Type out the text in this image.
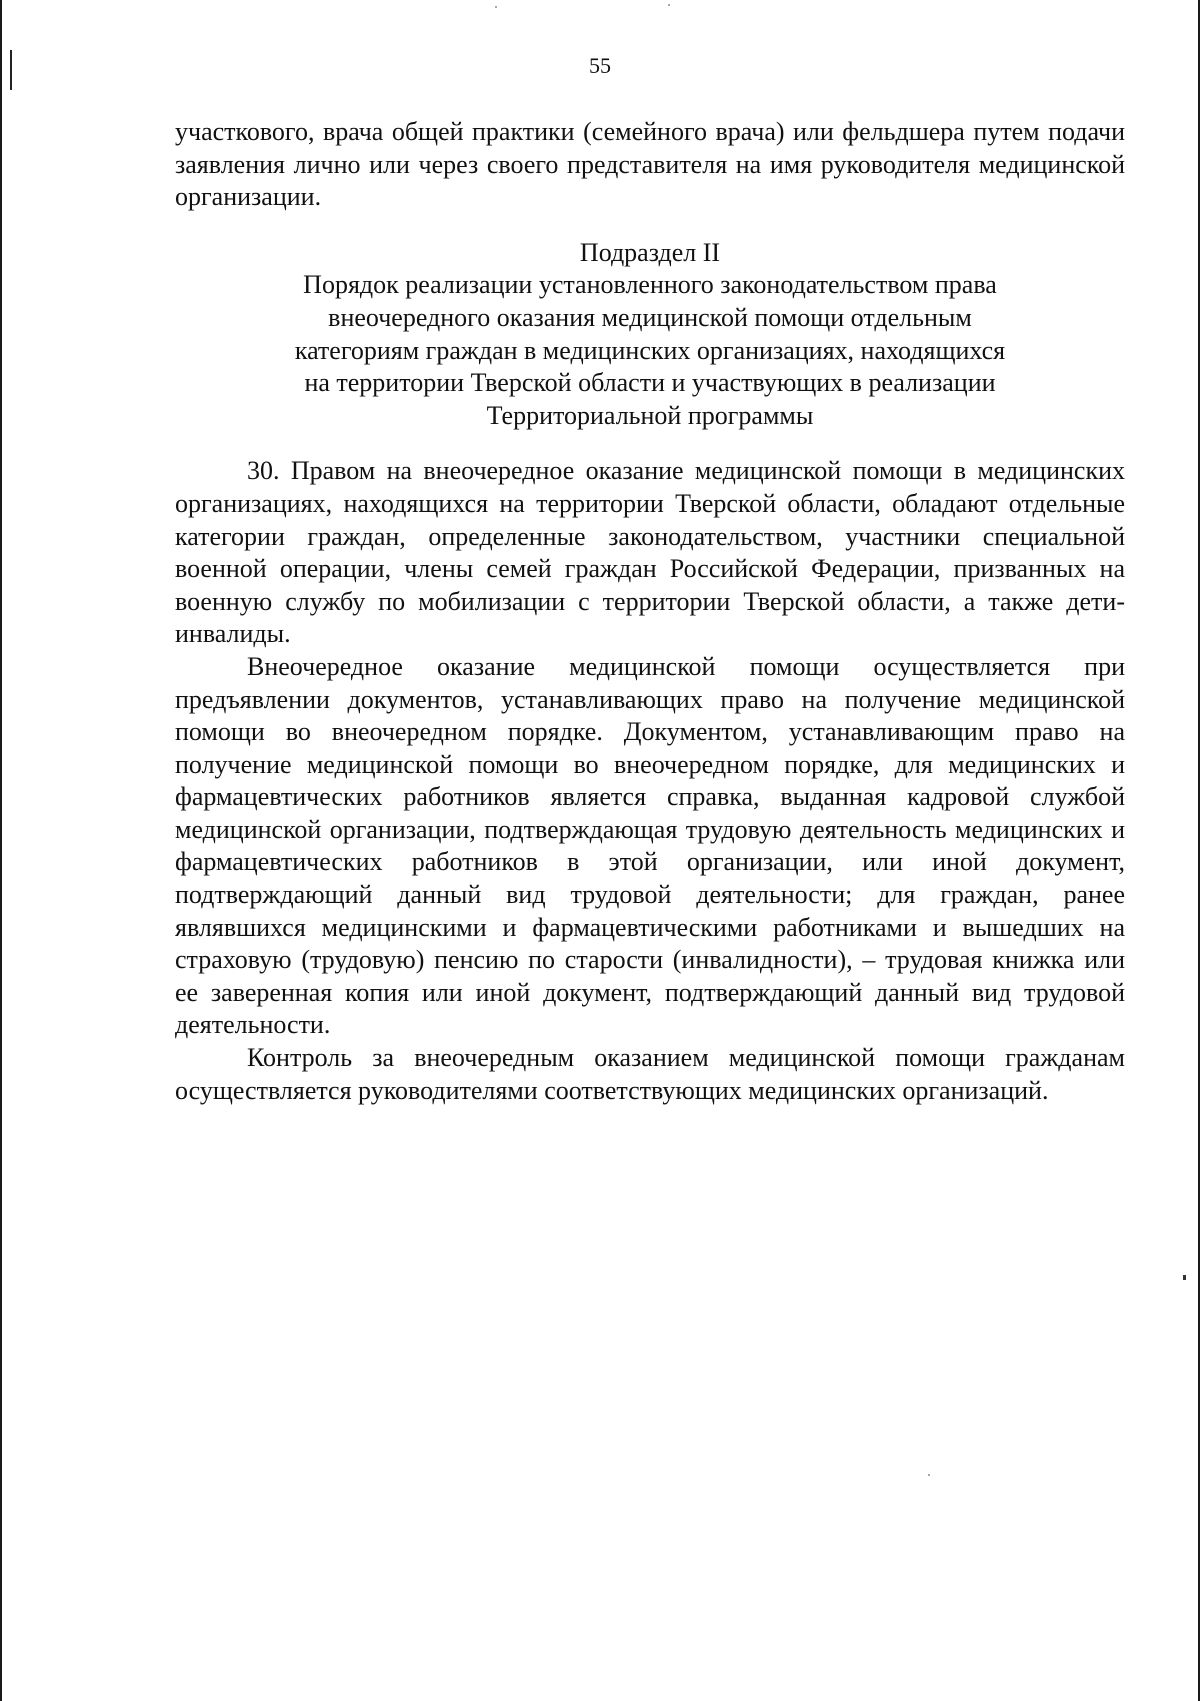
55

участкового, врача общей практики (семейного врача) или фельдшера путем подачи заявления лично или через своего представителя на имя руководителя медицинской организации.

Подраздел II

Порядок реализации установленного законодательством права

внеочередного оказания медицинской помощи отдельным

категориям граждан в медицинских организациях, находящихся

на территории Тверской области и участвующих в реализации

Территориальной программы

30. Правом на внеочередное оказание медицинской помощи в медицинских организациях, находящихся на территории Тверской области, обладают отдельные категории граждан, определенные законодательством, участники специальной военной операции, члены семей граждан Российской Федерации, призванных на военную службу по мобилизации с территории Тверской области, а также дети-инвалиды.

Внеочередное оказание медицинской помощи осуществляется при предъявлении документов, устанавливающих право на получение медицинской помощи во внеочередном порядке. Документом, устанавливающим право на получение медицинской помощи во внеочередном порядке, для медицинских и фармацевтических работников является справка, выданная кадровой службой медицинской организации, подтверждающая трудовую деятельность медицинских и фармацевтических работников в этой организации, или иной документ, подтверждающий данный вид трудовой деятельности; для граждан, ранее являвшихся медицинскими и фармацевтическими работниками и вышедших на страховую (трудовую) пенсию по старости (инвалидности), – трудовая книжка или ее заверенная копия или иной документ, подтверждающий данный вид трудовой деятельности.

Контроль за внеочередным оказанием медицинской помощи гражданам осуществляется руководителями соответствующих медицинских организаций.
